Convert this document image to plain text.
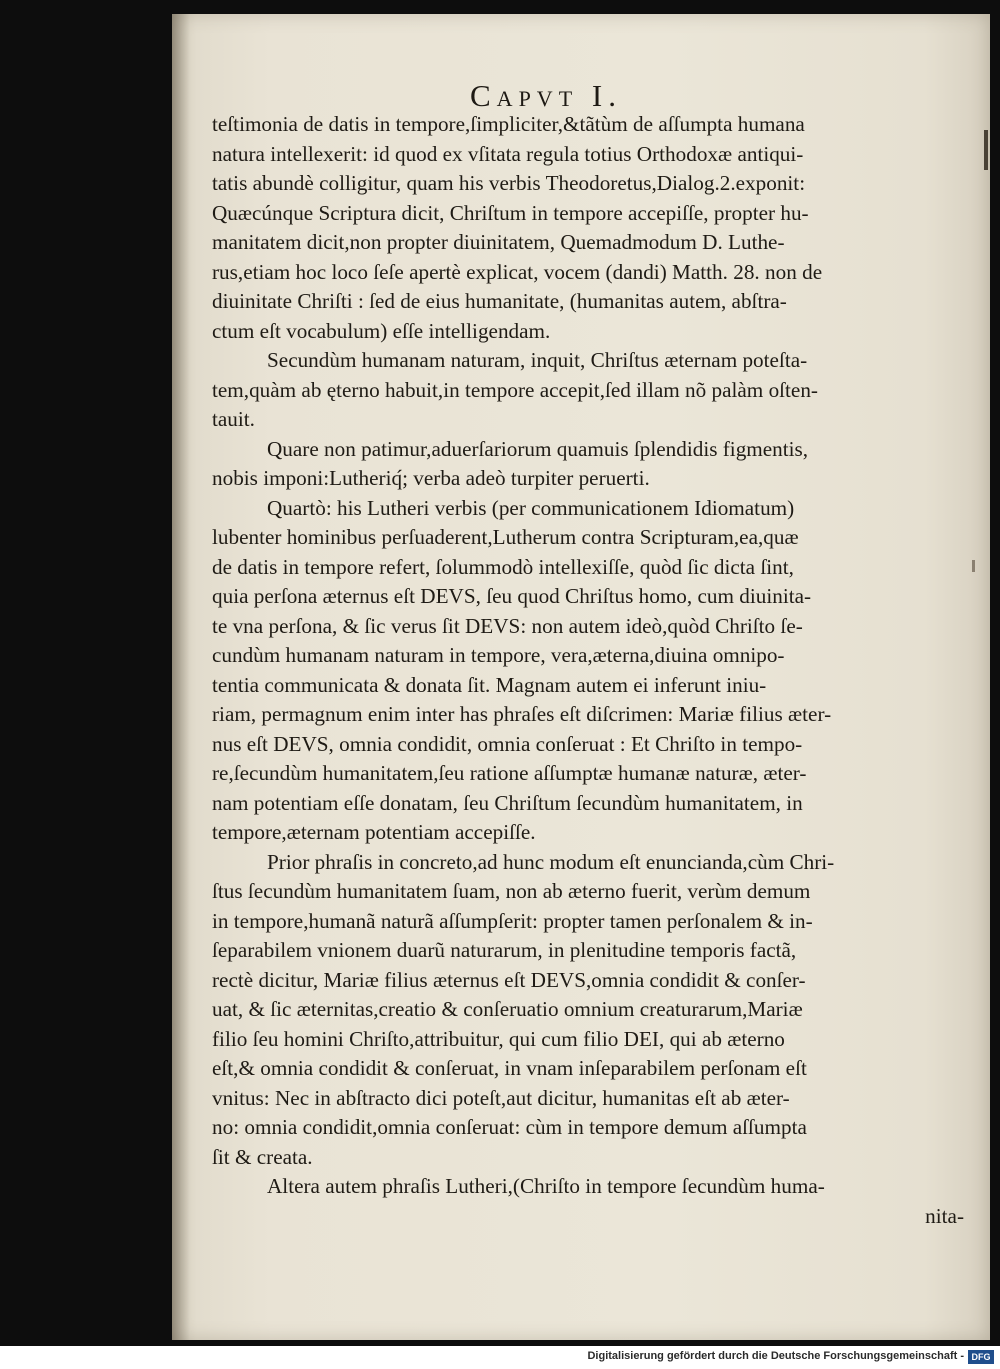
Capvt I.
teſtimonia de datis in tempore,ſimpliciter,&tãtùm de aſſumpta humana
natura intellexerit: id quod ex vſitata regula totius Orthodoxæ antiqui-
tatis abundè colligitur, quam his verbis Theodoretus,Dialog.2.exponit:
Quæcúnque Scriptura dicit, Chriſtum in tempore accepiſſe, propter hu-
manitatem dicit,non propter diuinitatem, Quemadmodum D. Luthe-
rus,etiam hoc loco ſeſe apertè explicat, vocem (dandi) Matth. 28. non de
diuinitate Chriſti : ſed de eius humanitate, (humanitas autem, abſtra-
ctum eſt vocabulum) eſſe intelligendam.
Secundùm humanam naturam, inquit, Chriſtus æternam poteſta-
tem,quàm ab ęterno habuit,in tempore accepit,ſed illam nõ palàm oſten-
tauit.
Quare non patimur,aduerſariorum quamuis ſplendidis figmentis,
nobis imponi:Lutheriq́; verba adeò turpiter peruerti.
Quartò: his Lutheri verbis (per communicationem Idiomatum)
lubenter hominibus perſuaderent,Lutherum contra Scripturam,ea,quæ
de datis in tempore refert, ſolummodò intellexiſſe, quòd ſic dicta ſint,
quia perſona æternus eſt DEVS, ſeu quod Chriſtus homo, cum diuinita-
te vna perſona, & ſic verus ſit DEVS: non autem ideò,quòd Chriſto ſe-
cundùm humanam naturam in tempore, vera,æterna,diuina omnipo-
tentia communicata & donata ſit. Magnam autem ei inferunt iniu-
riam, permagnum enim inter has phraſes eſt diſcrimen: Mariæ filius æter-
nus eſt DEVS, omnia condidit, omnia conſeruat : Et Chriſto in tempo-
re,ſecundùm humanitatem,ſeu ratione aſſumptæ humanæ naturæ, æter-
nam potentiam eſſe donatam, ſeu Chriſtum ſecundùm humanitatem, in
tempore,æternam potentiam accepiſſe.
Prior phraſis in concreto,ad hunc modum eſt enuncianda,cùm Chri-
ſtus ſecundùm humanitatem ſuam, non ab æterno fuerit, verùm demum
in tempore,humanã naturã aſſumpſerit: propter tamen perſonalem & in-
ſeparabilem vnionem duarũ naturarum, in plenitudine temporis factã,
rectè dicitur, Mariæ filius æternus eſt DEVS,omnia condidit & conſer-
uat, & ſic æternitas,creatio & conſeruatio omnium creaturarum,Mariæ
filio ſeu homini Chriſto,attribuitur, qui cum filio DEI, qui ab æterno
eſt,& omnia condidit & conſeruat, in vnam inſeparabilem perſonam eſt
vnitus: Nec in abſtracto dici poteſt,aut dicitur, humanitas eſt ab æter-
no: omnia condidit,omnia conſeruat: cùm in tempore demum aſſumpta
ſit & creata.
Altera autem phraſis Lutheri,(Chriſto in tempore ſecundùm huma-
nita-
Digitalisierung gefördert durch die Deutsche Forschungsgemeinschaft - DFG
